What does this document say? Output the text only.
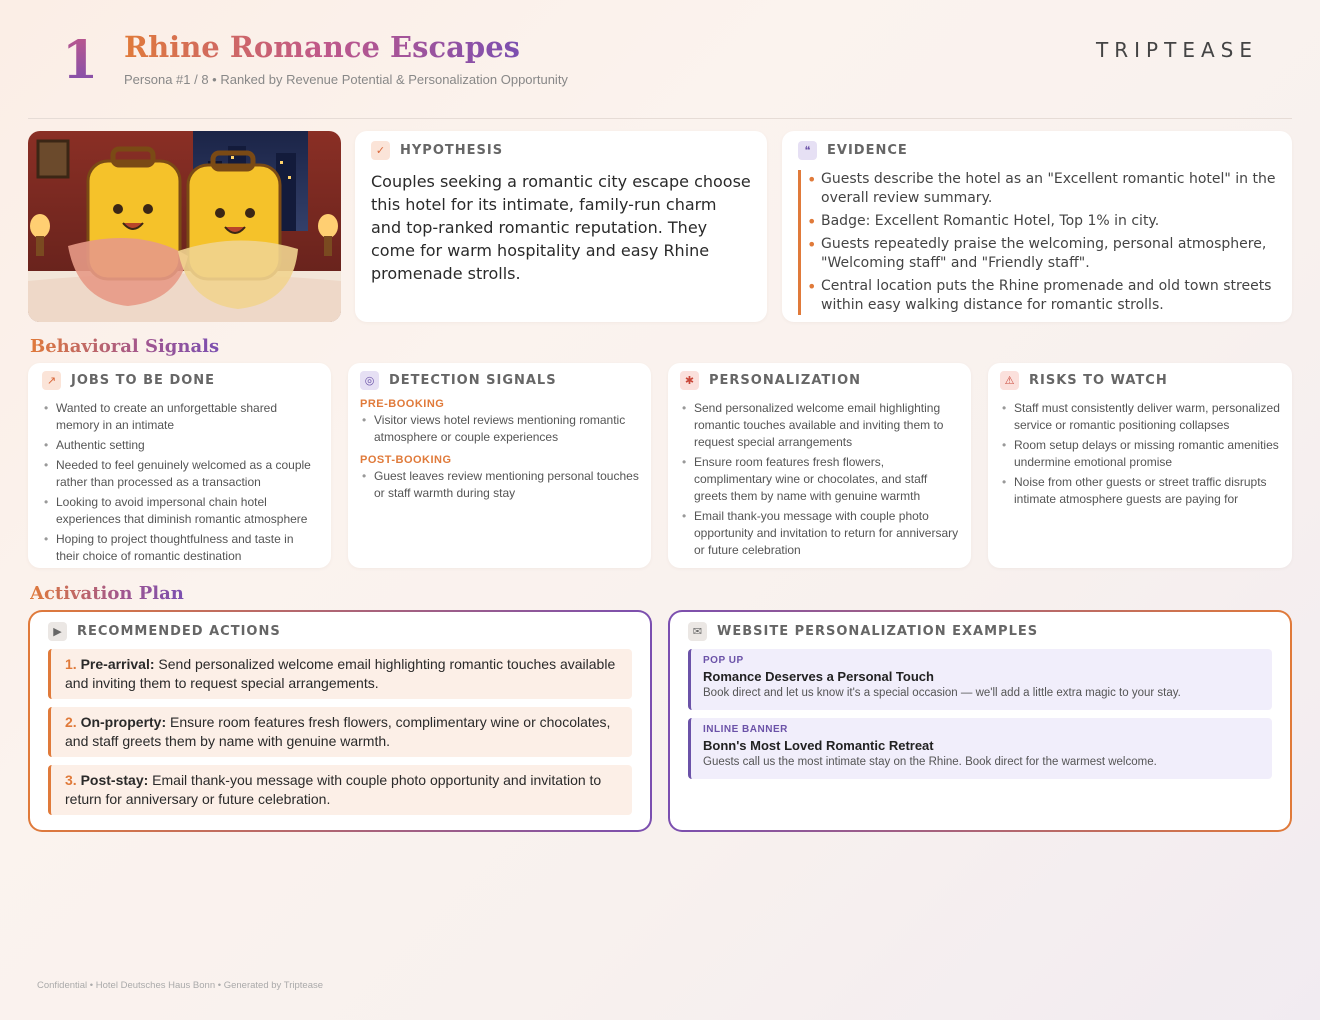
1 Rhine Romance Escapes
Persona #1 / 8 • Ranked by Revenue Potential & Personalization Opportunity
TRIPTEASE
✓	HYPOTHESIS
Couples seeking a romantic city escape choose this hotel for its intimate, family-run charm and top-ranked romantic reputation. They come for warm hospitality and easy Rhine promenade strolls.
❝	EVIDENCE
• Guests describe the hotel as an "Excellent romantic hotel" in the overall review summary.
• Badge: Excellent Romantic Hotel, Top 1% in city.
• Guests repeatedly praise the welcoming, personal atmosphere, "Welcoming staff" and "Friendly staff".
• Central location puts the Rhine promenade and old town streets within easy walking distance for romantic strolls.
Behavioral Signals
↗	JOBS TO BE DONE
• Wanted to create an unforgettable shared memory in an intimate
• Authentic setting
• Needed to feel genuinely welcomed as a couple rather than processed as a transaction
• Looking to avoid impersonal chain hotel experiences that diminish romantic atmosphere
• Hoping to project thoughtfulness and taste in their choice of romantic destination
◎	DETECTION SIGNALS
PRE-BOOKING
• Visitor views hotel reviews mentioning romantic atmosphere or couple experiences
POST-BOOKING
• Guest leaves review mentioning personal touches or staff warmth during stay
✱	PERSONALIZATION
• Send personalized welcome email highlighting romantic touches available and inviting them to request special arrangements
• Ensure room features fresh flowers, complimentary wine or chocolates, and staff greets them by name with genuine warmth
• Email thank-you message with couple photo opportunity and invitation to return for anniversary or future celebration
⚠	RISKS TO WATCH
• Staff must consistently deliver warm, personalized service or romantic positioning collapses
• Room setup delays or missing romantic amenities undermine emotional promise
• Noise from other guests or street traffic disrupts intimate atmosphere guests are paying for
Activation Plan
▶	RECOMMENDED ACTIONS
1. Pre-arrival: Send personalized welcome email highlighting romantic touches available and inviting them to request special arrangements.
2. On-property: Ensure room features fresh flowers, complimentary wine or chocolates, and staff greets them by name with genuine warmth.
3. Post-stay: Email thank-you message with couple photo opportunity and invitation to return for anniversary or future celebration.
✉	WEBSITE PERSONALIZATION EXAMPLES
POP UP
Romance Deserves a Personal Touch
Book direct and let us know it's a special occasion — we'll add a little extra magic to your stay.
INLINE BANNER
Bonn's Most Loved Romantic Retreat
Guests call us the most intimate stay on the Rhine. Book direct for the warmest welcome.
Confidential • Hotel Deutsches Haus Bonn • Generated by Triptease
